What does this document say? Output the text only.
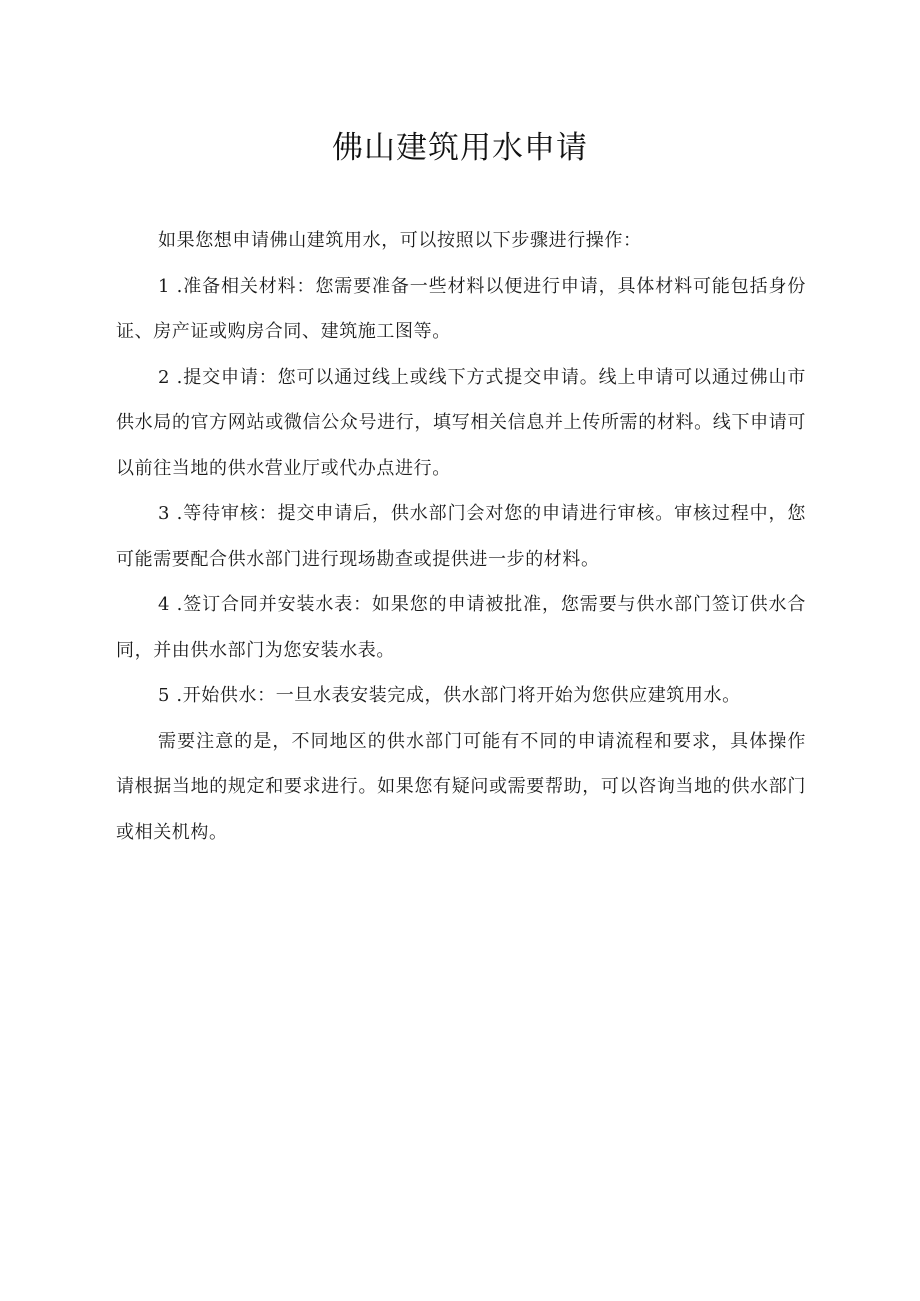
佛山建筑用水申请

如果您想申请佛山建筑用水，可以按照以下步骤进行操作：

1 .准备相关材料：您需要准备一些材料以便进行申请，具体材料可能包括身份证、房产证或购房合同、建筑施工图等。

2 .提交申请：您可以通过线上或线下方式提交申请。线上申请可以通过佛山市供水局的官方网站或微信公众号进行，填写相关信息并上传所需的材料。线下申请可以前往当地的供水营业厅或代办点进行。

3 .等待审核：提交申请后，供水部门会对您的申请进行审核。审核过程中，您可能需要配合供水部门进行现场勘查或提供进一步的材料。

4 .签订合同并安装水表：如果您的申请被批准，您需要与供水部门签订供水合同，并由供水部门为您安装水表。

5 .开始供水：一旦水表安装完成，供水部门将开始为您供应建筑用水。

需要注意的是，不同地区的供水部门可能有不同的申请流程和要求，具体操作请根据当地的规定和要求进行。如果您有疑问或需要帮助，可以咨询当地的供水部门或相关机构。
